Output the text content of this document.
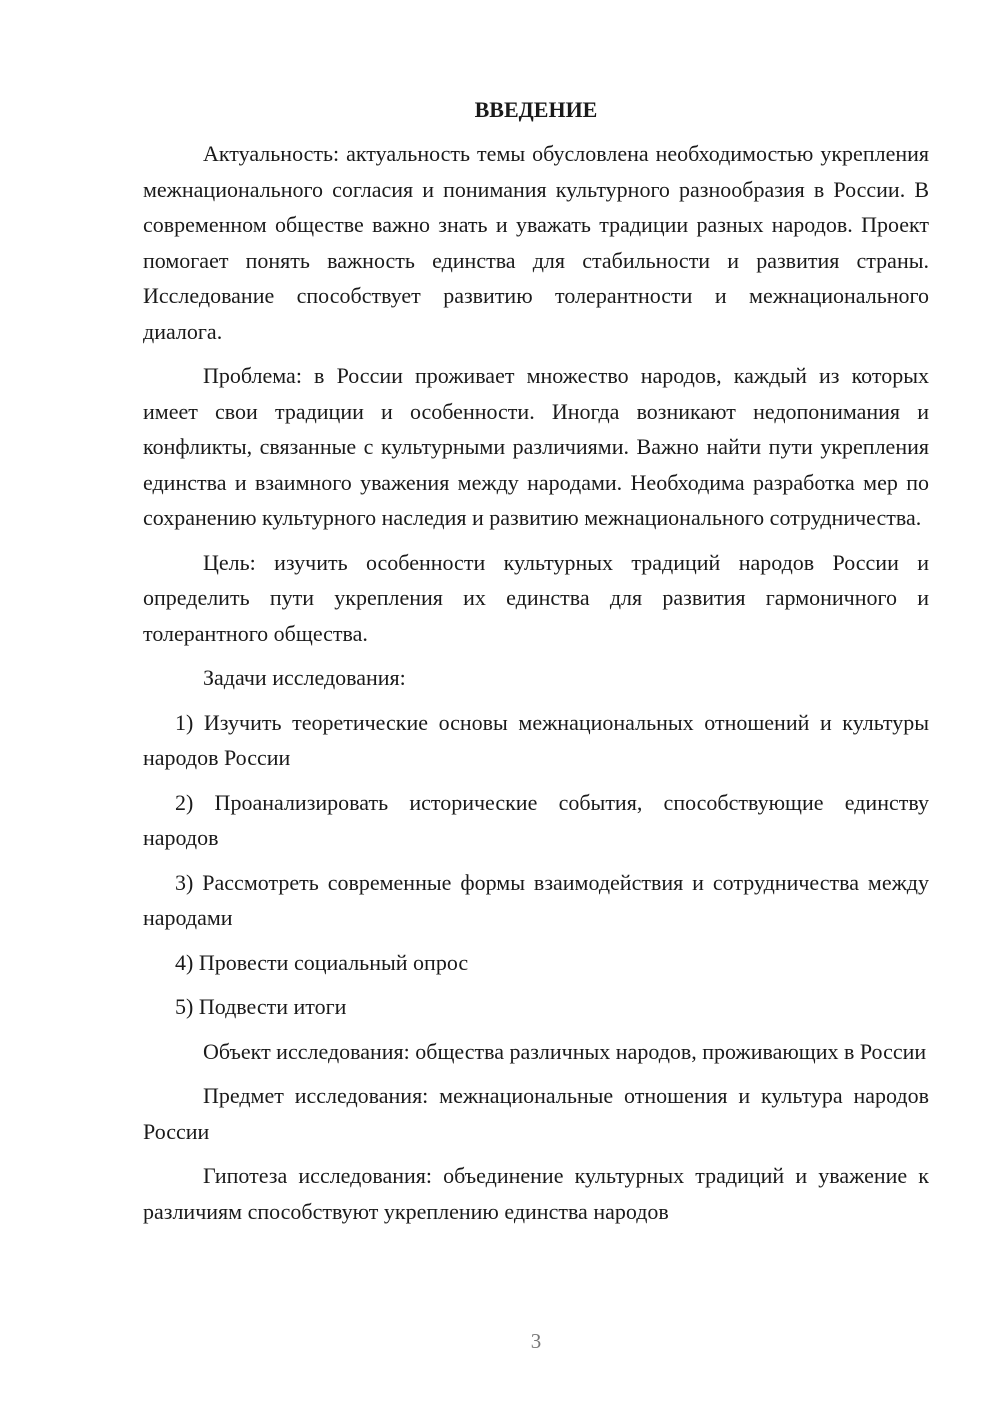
ВВЕДЕНИЕ

Актуальность: актуальность темы обусловлена необходимостью укрепления межнационального согласия и понимания культурного разнообразия в России. В современном обществе важно знать и уважать традиции разных народов. Проект помогает понять важность единства для стабильности и развития страны. Исследование способствует развитию толерантности и межнационального диалога.

Проблема: в России проживает множество народов, каждый из которых имеет свои традиции и особенности. Иногда возникают недопонимания и конфликты, связанные с культурными различиями. Важно найти пути укрепления единства и взаимного уважения между народами. Необходима разработка мер по сохранению культурного наследия и развитию межнационального сотрудничества.

Цель: изучить особенности культурных традиций народов России и определить пути укрепления их единства для развития гармоничного и толерантного общества.

Задачи исследования:

1) Изучить теоретические основы межнациональных отношений и культуры народов России

2) Проанализировать исторические события, способствующие единству народов

3) Рассмотреть современные формы взаимодействия и сотрудничества между народами

4) Провести социальный опрос

5) Подвести итоги

Объект исследования: общества различных народов, проживающих в России

Предмет исследования: межнациональные отношения и культура народов России

Гипотеза исследования: объединение культурных традиций и уважение к различиям способствуют укреплению единства народов

3
